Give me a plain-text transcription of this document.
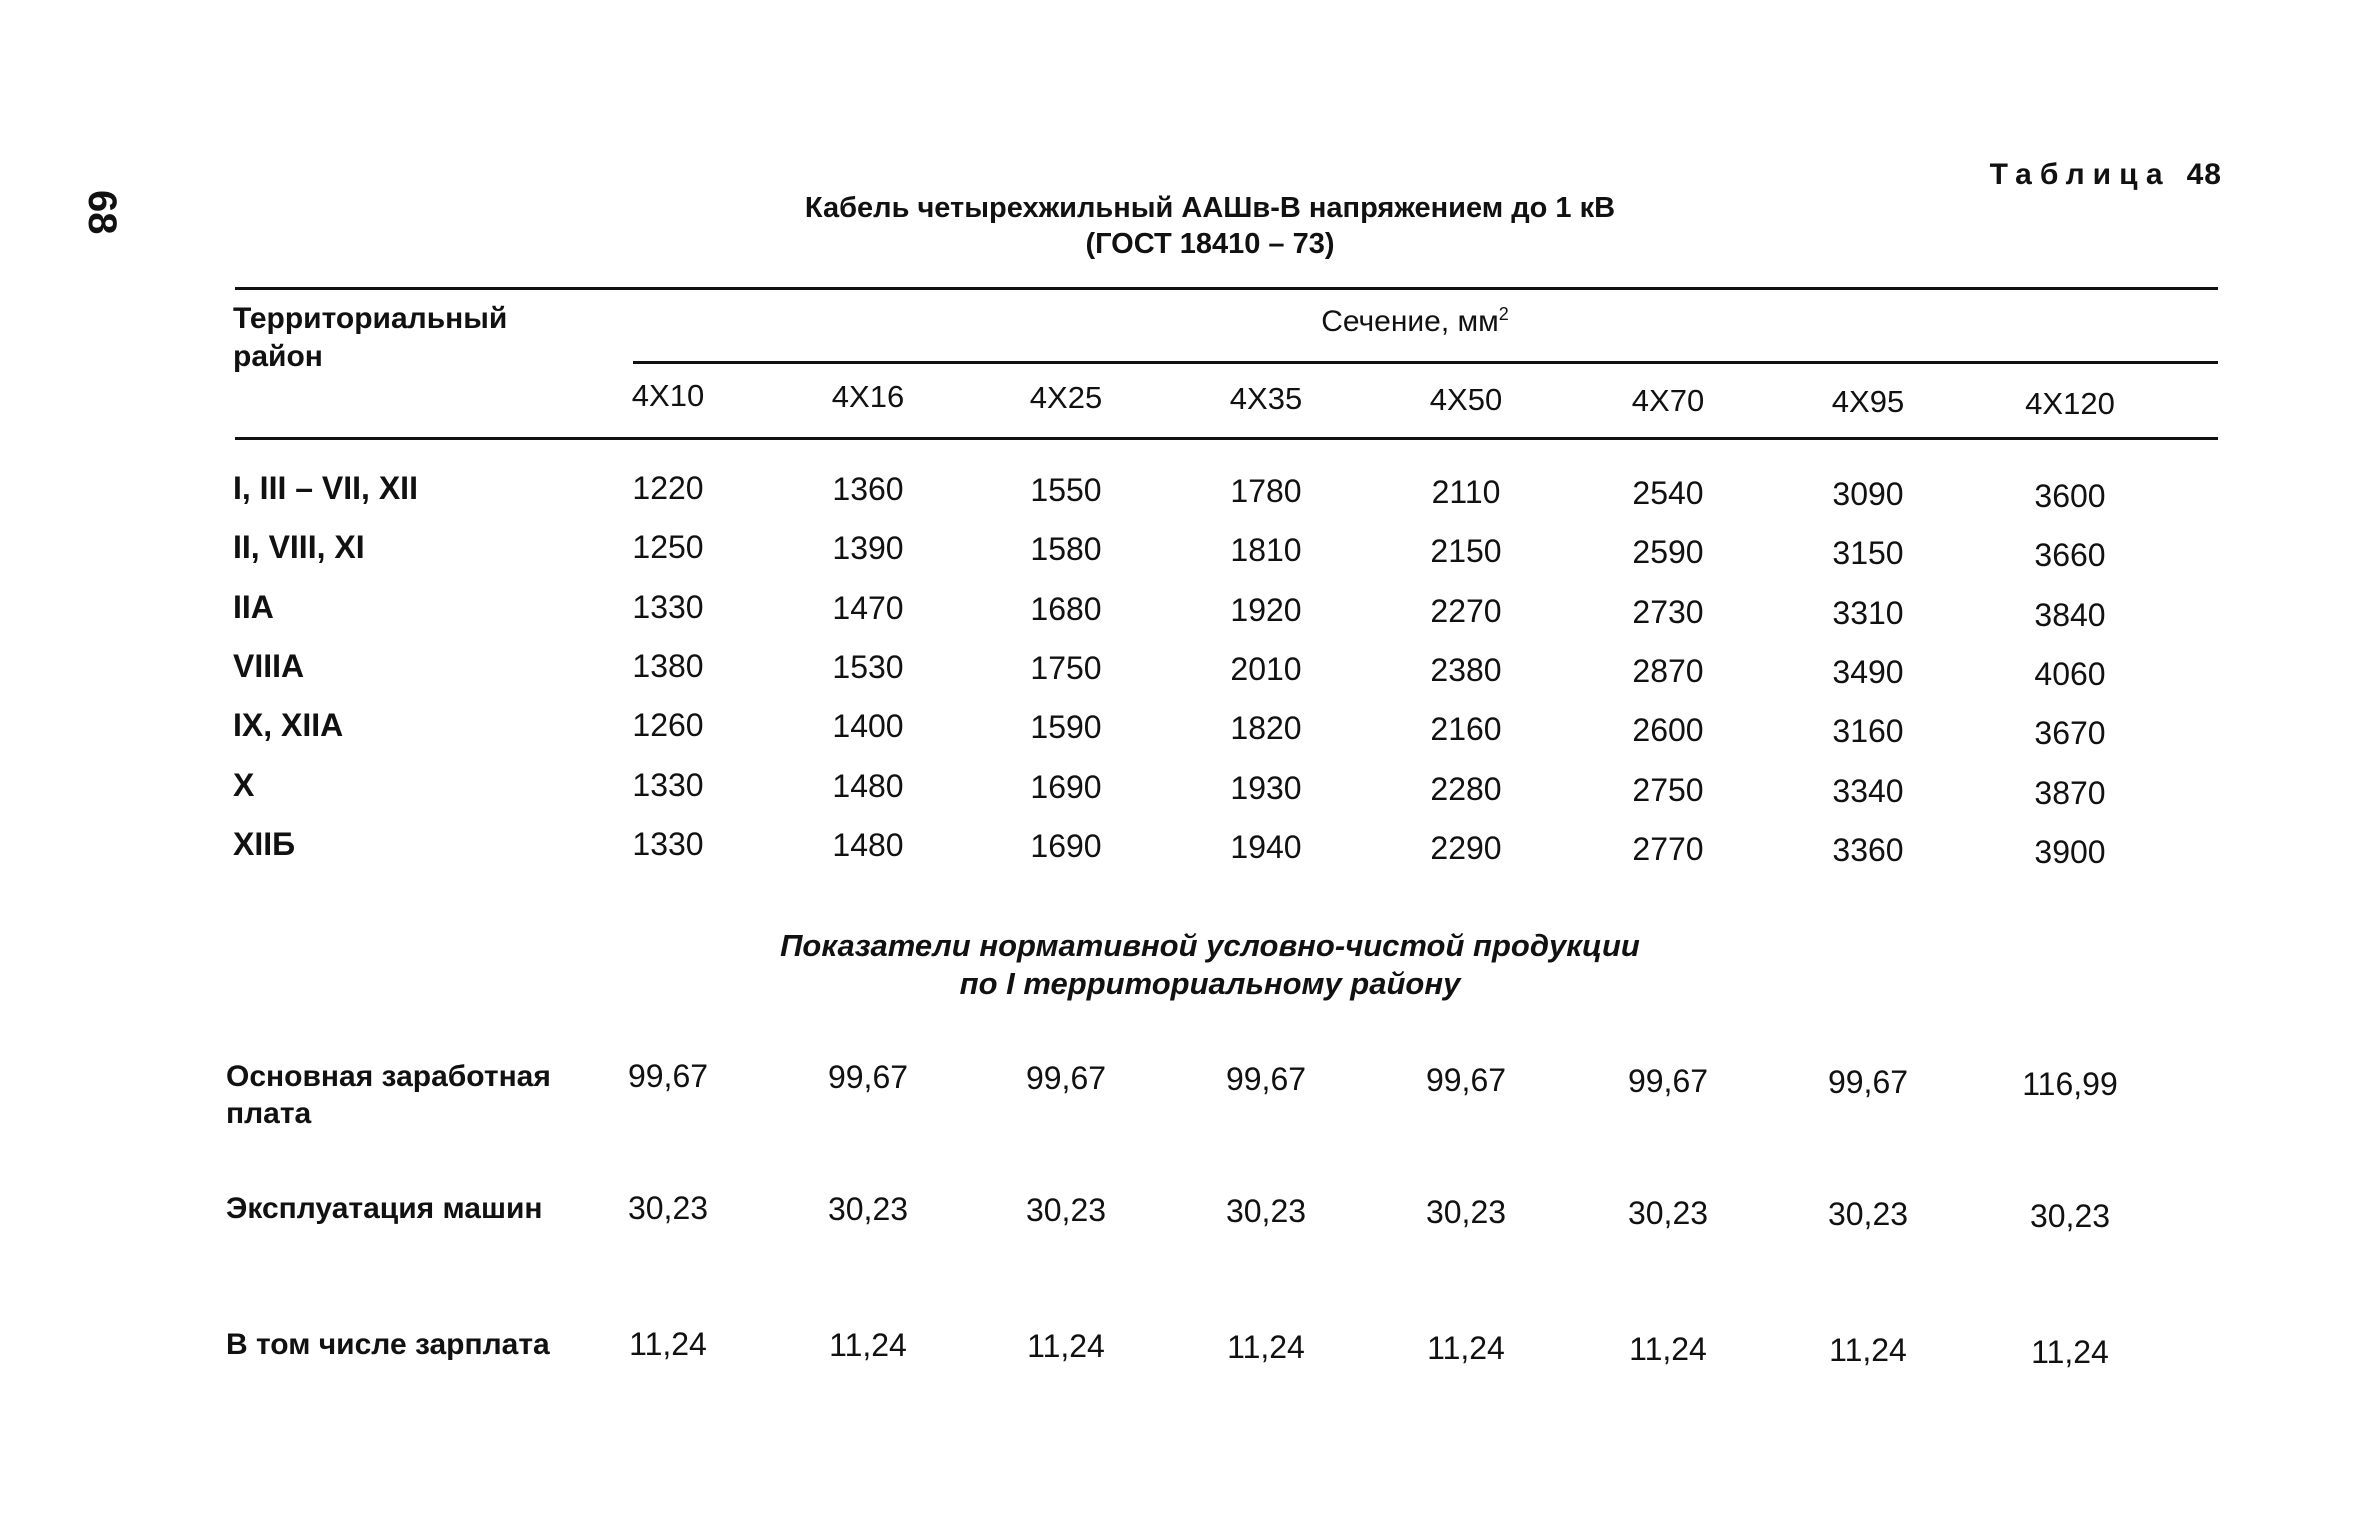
68
Таблица 48
Кабель четырехжильный ААШв-В напряжением до 1 кВ
(ГОСТ 18410 – 73)
Территориальный
район
Сечение, $мм^2$
4Х10	4Х16	4Х25	4Х35	4Х50	4Х70	4Х95	4Х120
I, III – VII, XII	1220	1360	1550	1780	2110	2540	3090	3600
II, VIII, XI	1250	1390	1580	1810	2150	2590	3150	3660
IIA	1330	1470	1680	1920	2270	2730	3310	3840
VIIIA	1380	1530	1750	2010	2380	2870	3490	4060
IX, XIIA	1260	1400	1590	1820	2160	2600	3160	3670
X	1330	1480	1690	1930	2280	2750	3340	3870
XIIБ	1330	1480	1690	1940	2290	2770	3360	3900
Показатели нормативной условно-чистой продукции
по I территориальному району
Основная заработная
плата
99,67	99,67	99,67	99,67	99,67	99,67	99,67	116,99
Эксплуатация машин	30,23	30,23	30,23	30,23	30,23	30,23	30,23	30,23
В том числе зарплата 11,24	11,24	11,24	11,24	11,24	11,24	11,24	11,24
